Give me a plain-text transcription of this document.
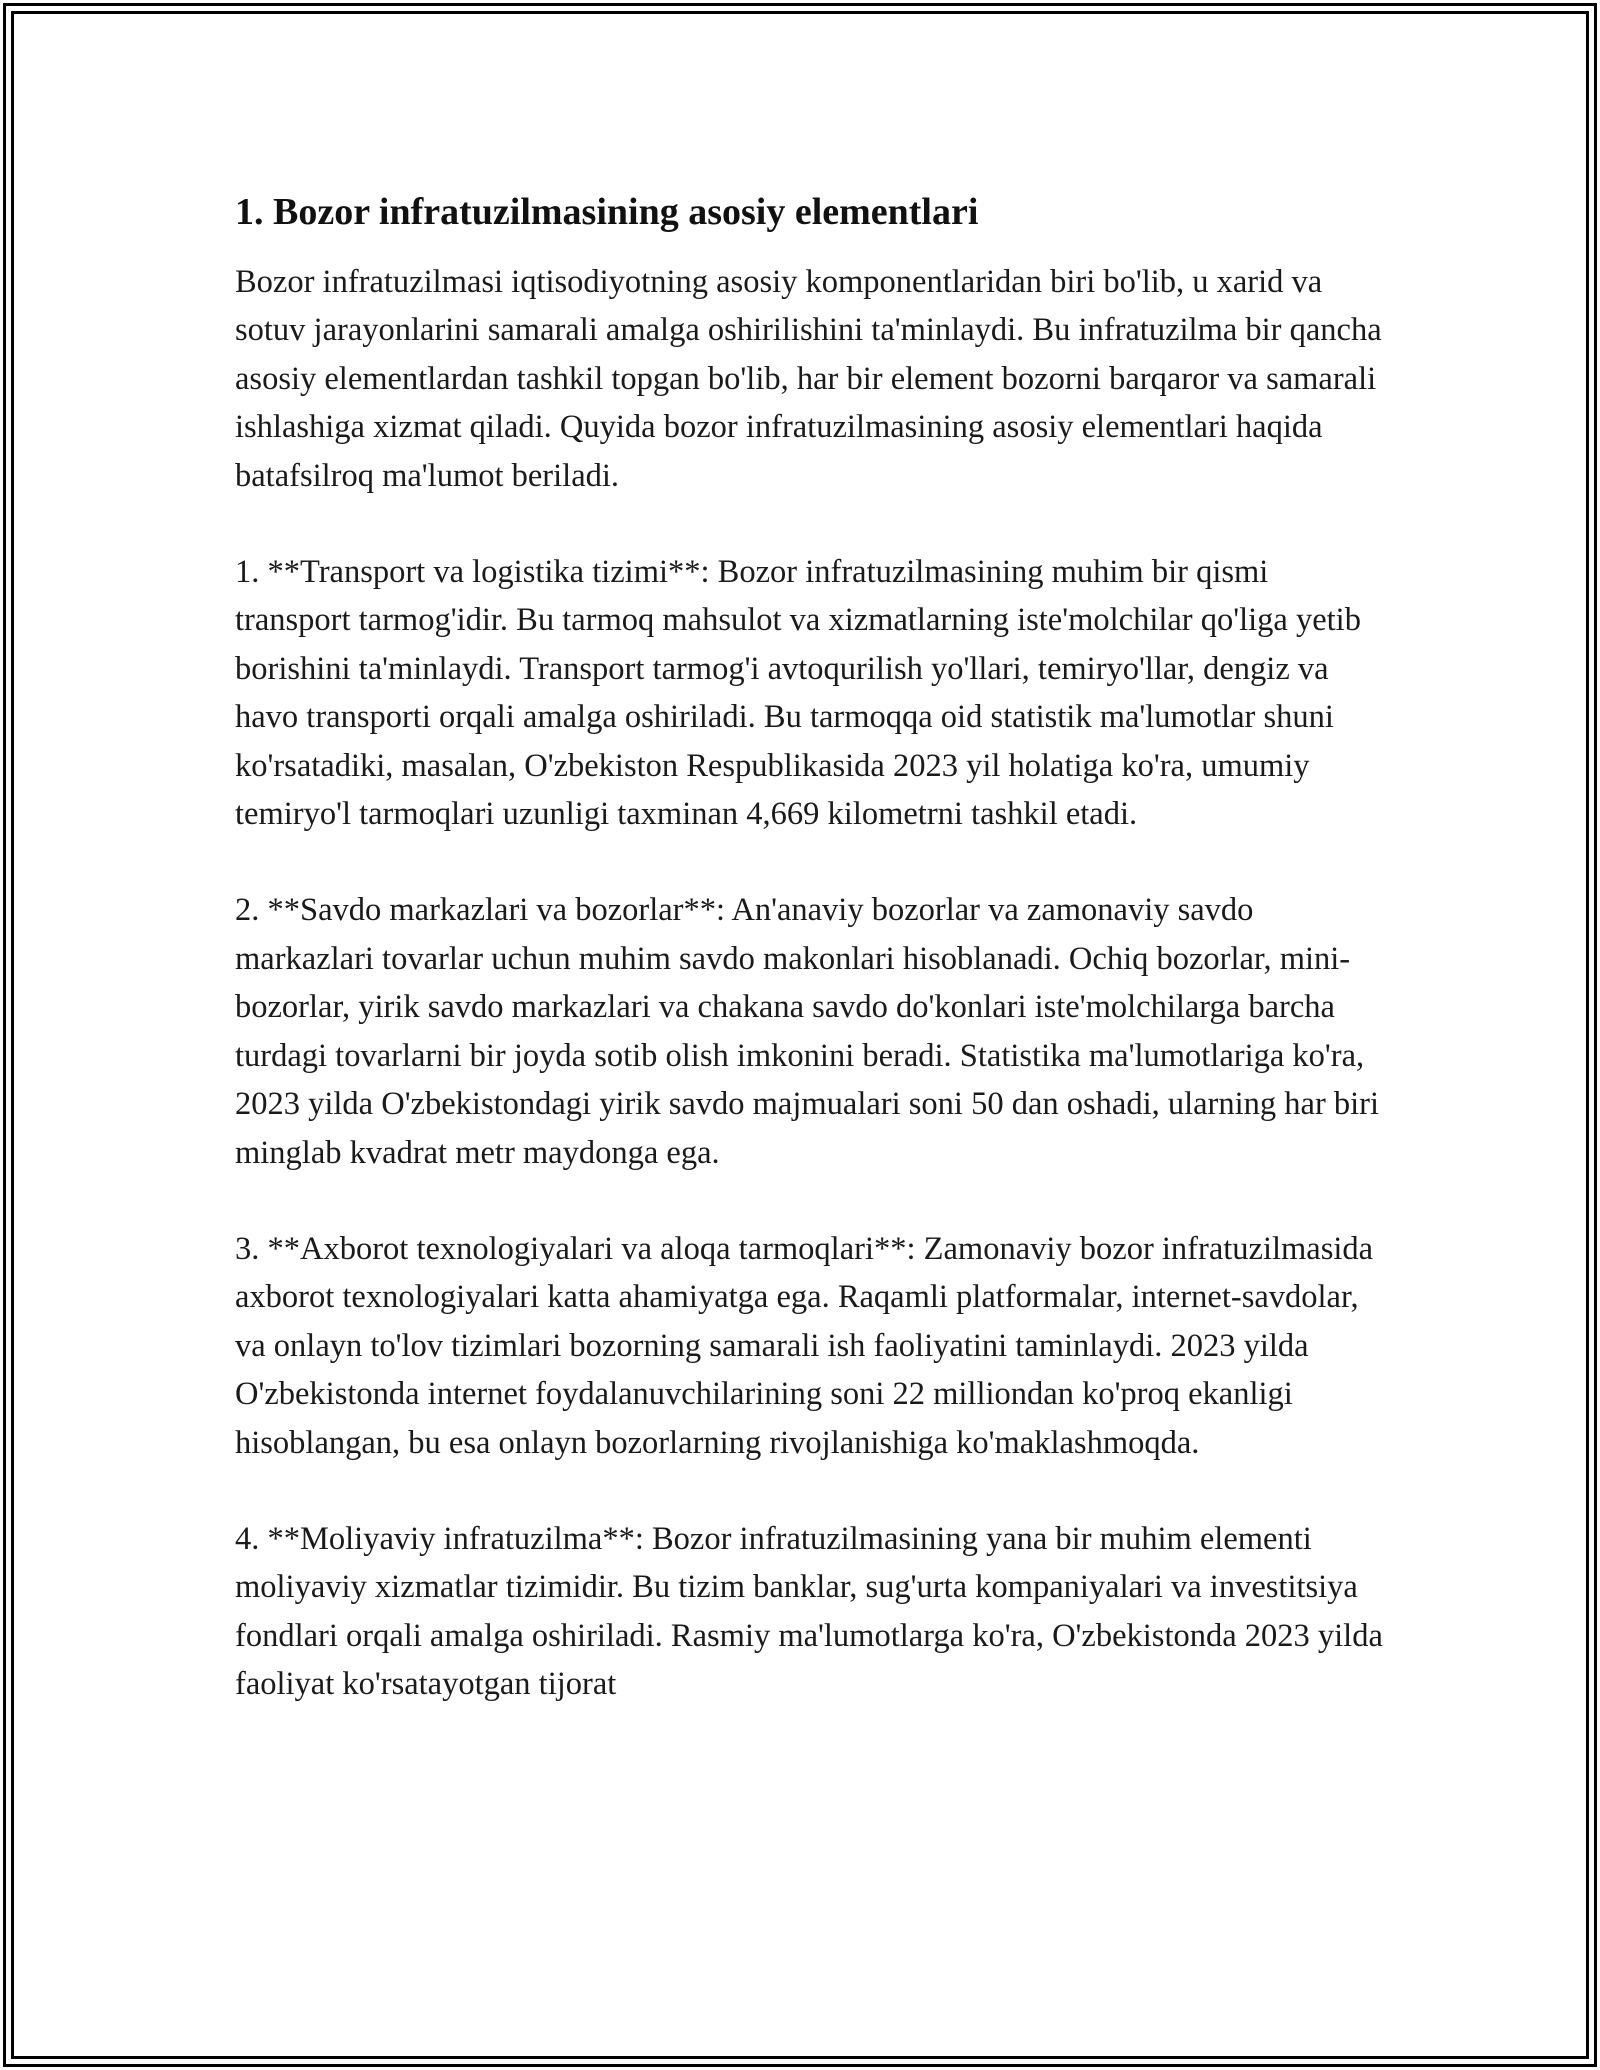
1. Bozor infratuzilmasining asosiy elementlari

Bozor infratuzilmasi iqtisodiyotning asosiy komponentlaridan biri bo'lib, u xarid va sotuv jarayonlarini samarali amalga oshirilishini ta'minlaydi. Bu infratuzilma bir qancha asosiy elementlardan tashkil topgan bo'lib, har bir element bozorni barqaror va samarali ishlashiga xizmat qiladi. Quyida bozor infratuzilmasining asosiy elementlari haqida batafsilroq ma'lumot beriladi.

1. **Transport va logistika tizimi**: Bozor infratuzilmasining muhim bir qismi transport tarmog'idir. Bu tarmoq mahsulot va xizmatlarning iste'molchilar qo'liga yetib borishini ta'minlaydi. Transport tarmog'i avtoqurilish yo'llari, temiryo'llar, dengiz va havo transporti orqali amalga oshiriladi. Bu tarmoqqa oid statistik ma'lumotlar shuni ko'rsatadiki, masalan, O'zbekiston Respublikasida 2023 yil holatiga ko'ra, umumiy temiryo'l tarmoqlari uzunligi taxminan 4,669 kilometrni tashkil etadi.

2. **Savdo markazlari va bozorlar**: An'anaviy bozorlar va zamonaviy savdo markazlari tovarlar uchun muhim savdo makonlari hisoblanadi. Ochiq bozorlar, mini-bozorlar, yirik savdo markazlari va chakana savdo do'konlari iste'molchilarga barcha turdagi tovarlarni bir joyda sotib olish imkonini beradi. Statistika ma'lumotlariga ko'ra, 2023 yilda O'zbekistondagi yirik savdo majmualari soni 50 dan oshadi, ularning har biri minglab kvadrat metr maydonga ega.

3. **Axborot texnologiyalari va aloqa tarmoqlari**: Zamonaviy bozor infratuzilmasida axborot texnologiyalari katta ahamiyatga ega. Raqamli platformalar, internet-savdolar, va onlayn to'lov tizimlari bozorning samarali ish faoliyatini taminlaydi. 2023 yilda O'zbekistonda internet foydalanuvchilarining soni 22 milliondan ko'proq ekanligi hisoblangan, bu esa onlayn bozorlarning rivojlanishiga ko'maklashmoqda.

4. **Moliyaviy infratuzilma**: Bozor infratuzilmasining yana bir muhim elementi moliyaviy xizmatlar tizimidir. Bu tizim banklar, sug'urta kompaniyalari va investitsiya fondlari orqali amalga oshiriladi. Rasmiy ma'lumotlarga ko'ra, O'zbekistonda 2023 yilda faoliyat ko'rsatayotgan tijorat
